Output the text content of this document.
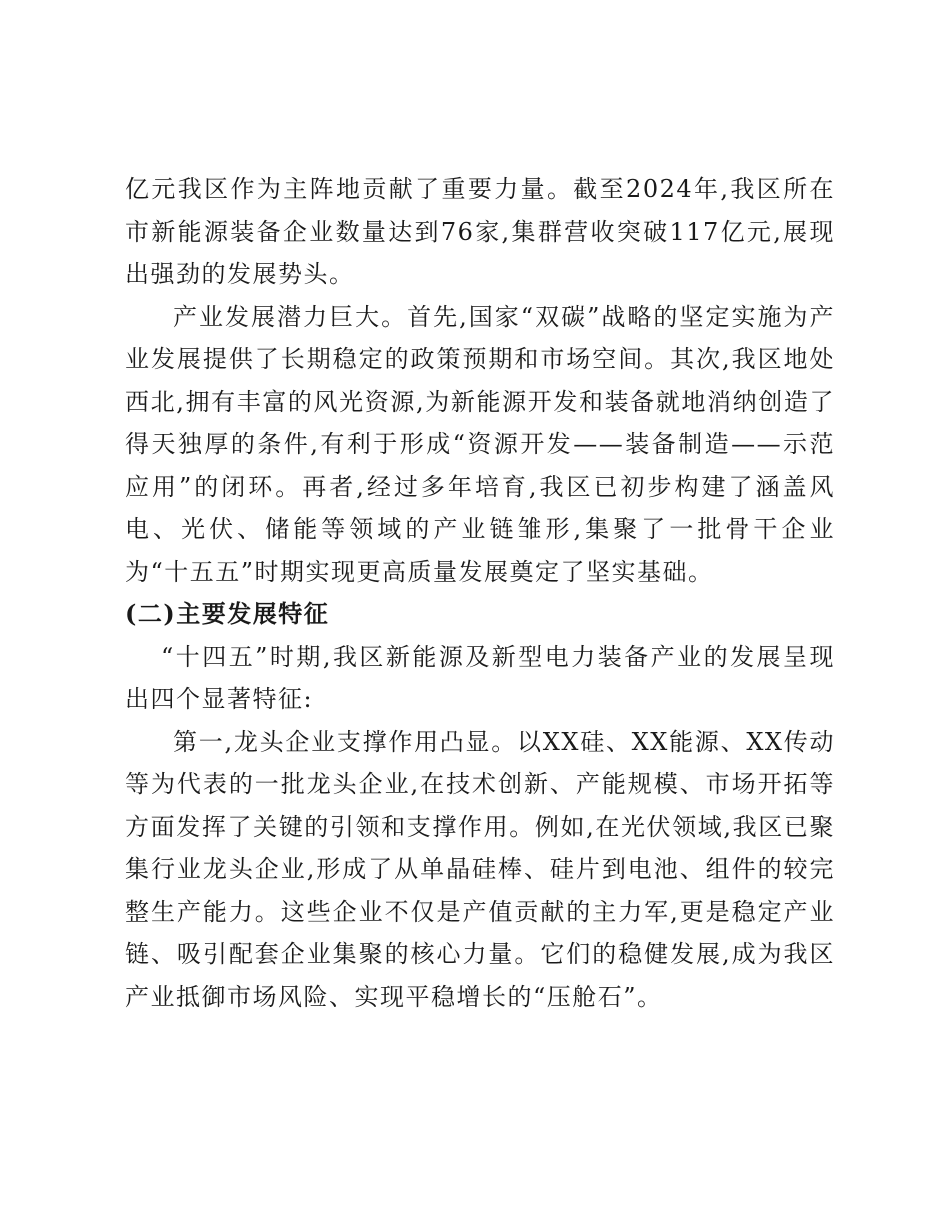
亿元我区作为主阵地贡献了重要力量。截至2024年,我区所在市新能源装备企业数量达到76家,集群营收突破117亿元,展现出强劲的发展势头。

产业发展潜力巨大。首先,国家“双碳”战略的坚定实施为产业发展提供了长期稳定的政策预期和市场空间。其次,我区地处西北,拥有丰富的风光资源,为新能源开发和装备就地消纳创造了得天独厚的条件,有利于形成“资源开发——装备制造——示范应用”的闭环。再者,经过多年培育,我区已初步构建了涵盖风电、光伏、储能等领域的产业链雏形,集聚了一批骨干企业为“十五五”时期实现更高质量发展奠定了坚实基础。

(二)主要发展特征

“十四五”时期,我区新能源及新型电力装备产业的发展呈现出四个显著特征:

第一,龙头企业支撑作用凸显。以XX硅、XX能源、XX传动等为代表的一批龙头企业,在技术创新、产能规模、市场开拓等方面发挥了关键的引领和支撑作用。例如,在光伏领域,我区已聚集行业龙头企业,形成了从单晶硅棒、硅片到电池、组件的较完整生产能力。这些企业不仅是产值贡献的主力军,更是稳定产业链、吸引配套企业集聚的核心力量。它们的稳健发展,成为我区产业抵御市场风险、实现平稳增长的“压舱石”。
